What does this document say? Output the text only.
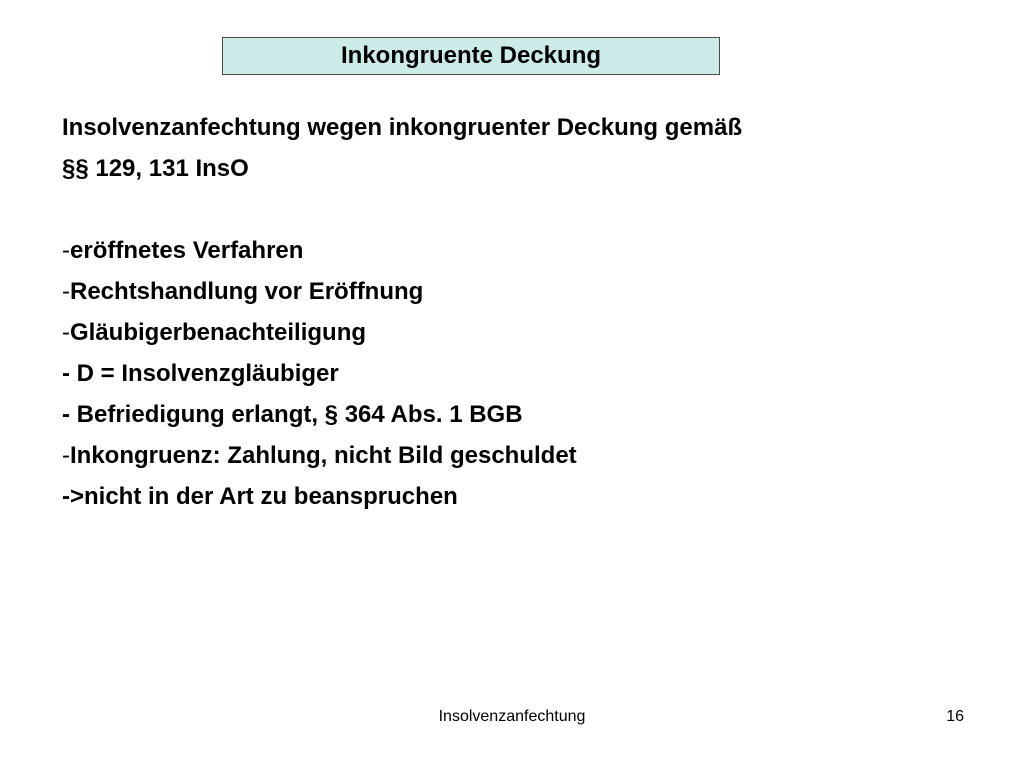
Inkongruente Deckung
Insolvenzanfechtung wegen inkongruenter Deckung gemäß
§§ 129, 131 InsO
-eröffnetes Verfahren
-Rechtshandlung vor Eröffnung
-Gläubigerbenachteiligung
- D = Insolvenzgläubiger
- Befriedigung erlangt, § 364 Abs. 1 BGB
-Inkongruenz: Zahlung, nicht Bild geschuldet
->nicht in der Art zu beanspruchen
Insolvenzanfechtung	16
